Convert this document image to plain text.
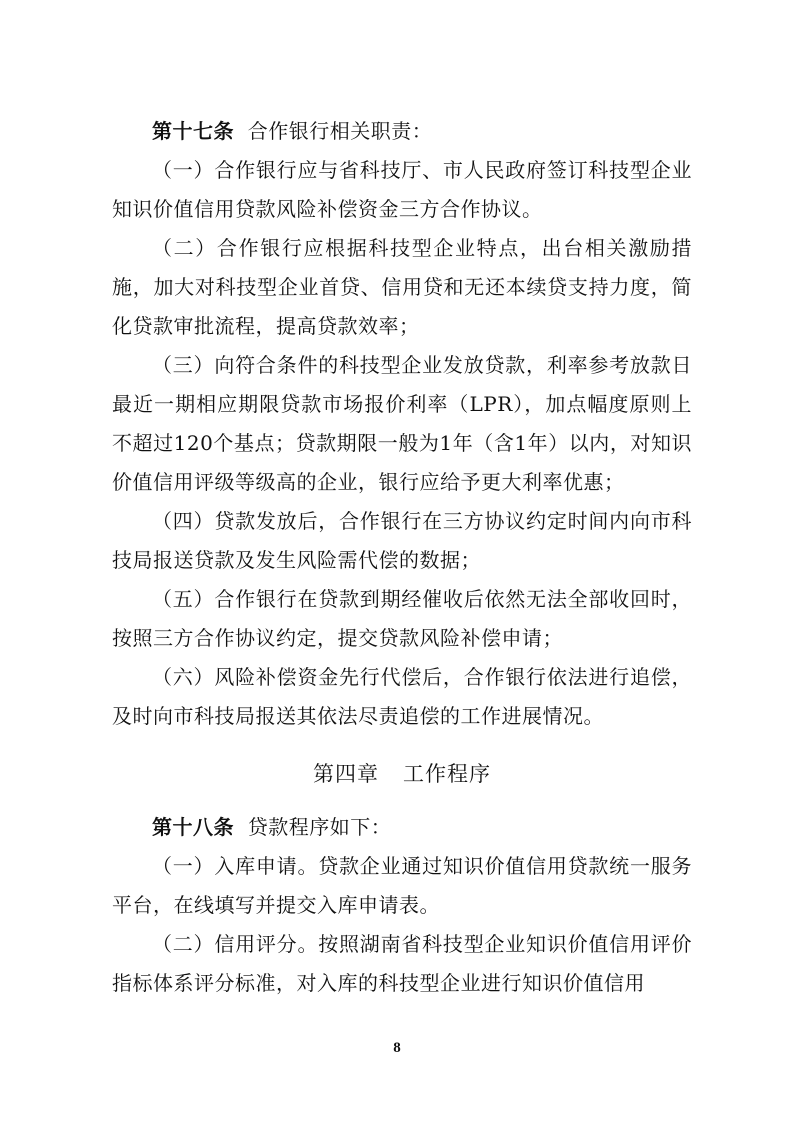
第十七条 合作银行相关职责：

（一）合作银行应与省科技厅、市人民政府签订科技型企业知识价值信用贷款风险补偿资金三方合作协议。

（二）合作银行应根据科技型企业特点，出台相关激励措施，加大对科技型企业首贷、信用贷和无还本续贷支持力度，简化贷款审批流程，提高贷款效率；

（三）向符合条件的科技型企业发放贷款，利率参考放款日最近一期相应期限贷款市场报价利率（LPR），加点幅度原则上不超过120个基点；贷款期限一般为1年（含1年）以内，对知识价值信用评级等级高的企业，银行应给予更大利率优惠；

（四）贷款发放后，合作银行在三方协议约定时间内向市科技局报送贷款及发生风险需代偿的数据；

（五）合作银行在贷款到期经催收后依然无法全部收回时，按照三方合作协议约定，提交贷款风险补偿申请；

（六）风险补偿资金先行代偿后，合作银行依法进行追偿，及时向市科技局报送其依法尽责追偿的工作进展情况。

第四章 工作程序

第十八条 贷款程序如下：

（一）入库申请。贷款企业通过知识价值信用贷款统一服务平台，在线填写并提交入库申请表。

（二）信用评分。按照湖南省科技型企业知识价值信用评价指标体系评分标准，对入库的科技型企业进行知识价值信用

8
